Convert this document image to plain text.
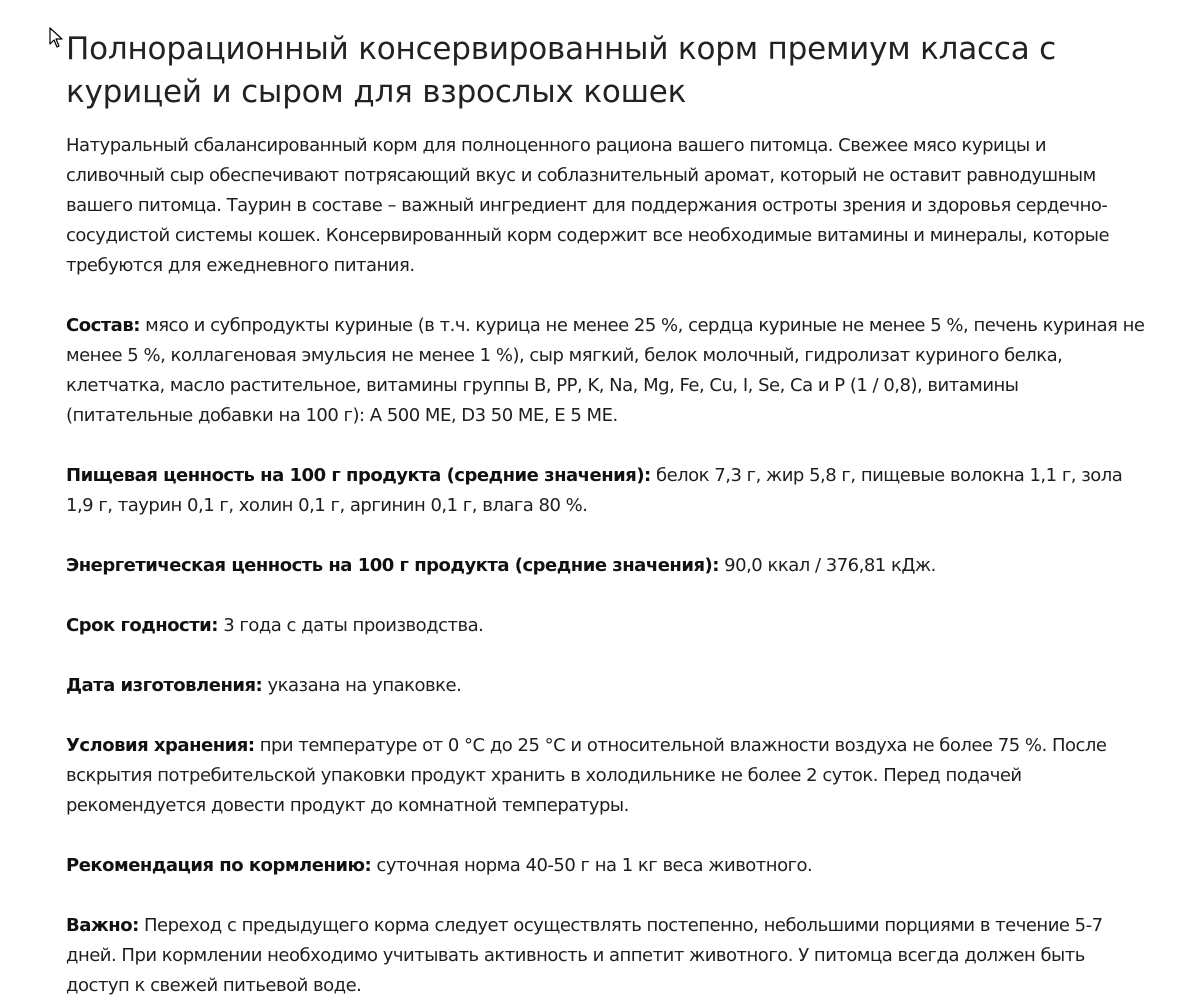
Полнорационный консервированный корм премиум класса с курицей и сыром для взрослых кошек

Натуральный сбалансированный корм для полноценного рациона вашего питомца. Свежее мясо курицы и сливочный сыр обеспечивают потрясающий вкус и соблазнительный аромат, который не оставит равнодушным вашего питомца. Таурин в составе – важный ингредиент для поддержания остроты зрения и здоровья сердечно-сосудистой системы кошек. Консервированный корм содержит все необходимые витамины и минералы, которые требуются для ежедневного питания.

Состав: мясо и субпродукты куриные (в т.ч. курица не менее 25 %, сердца куриные не менее 5 %, печень куриная не менее 5 %, коллагеновая эмульсия не менее 1 %), сыр мягкий, белок молочный, гидролизат куриного белка, клетчатка, масло растительное, витамины группы B, PP, K, Na, Mg, Fe, Cu, I, Se, Ca и P (1 / 0,8), витамины (питательные добавки на 100 г): А 500 МЕ, D3 50 МЕ, Е 5 МЕ.

Пищевая ценность на 100 г продукта (средние значения): белок 7,3 г, жир 5,8 г, пищевые волокна 1,1 г, зола 1,9 г, таурин 0,1 г, холин 0,1 г, аргинин 0,1 г, влага 80 %.

Энергетическая ценность на 100 г продукта (средние значения): 90,0 ккал / 376,81 кДж.

Срок годности: 3 года с даты производства.

Дата изготовления: указана на упаковке.

Условия хранения: при температуре от 0 °С до 25 °С и относительной влажности воздуха не более 75 %. После вскрытия потребительской упаковки продукт хранить в холодильнике не более 2 суток. Перед подачей рекомендуется довести продукт до комнатной температуры.

Рекомендация по кормлению: суточная норма 40-50 г на 1 кг веса животного.

Важно: Переход с предыдущего корма следует осуществлять постепенно, небольшими порциями в течение 5-7 дней. При кормлении необходимо учитывать активность и аппетит животного. У питомца всегда должен быть доступ к свежей питьевой воде.
